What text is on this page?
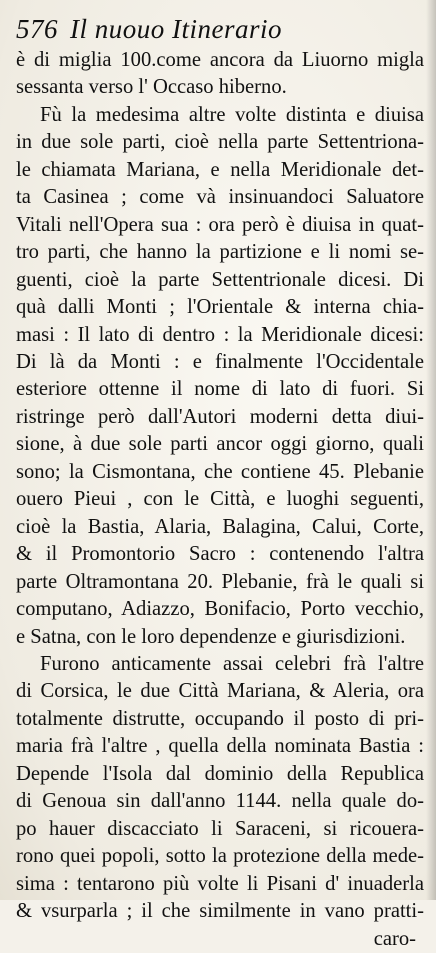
576 Il nuouo Itinerario
è di miglia 100.come ancora da Liuorno migla
sessanta verso l' Occaso hiberno.
Fù la medesima altre volte distinta e diuisa
in due sole parti, cioè nella parte Settentriona-
le chiamata Mariana, e nella Meridionale det-
ta Casinea ; come và insinuandoci Saluatore
Vitali nell'Opera sua : ora però è diuisa in quat-
tro parti, che hanno la partizione e li nomi se-
guenti, cioè la parte Settentrionale dicesi. Di
quà dalli Monti ; l'Orientale & interna chia-
masi : Il lato di dentro : la Meridionale dicesi:
Di là da Monti : e finalmente l'Occidentale
esteriore ottenne il nome di lato di fuori. Si
ristringe però dall'Autori moderni detta diui-
sione, à due sole parti ancor oggi giorno, quali
sono; la Cismontana, che contiene 45. Plebanie
ouero Pieui , con le Città, e luoghi seguenti,
cioè la Bastia, Alaria, Balagina, Calui, Corte,
& il Promontorio Sacro : contenendo l'altra
parte Oltramontana 20. Plebanie, frà le quali si
computano, Adiazzo, Bonifacio, Porto vecchio,
e Satna, con le loro dependenze e giurisdizioni.
Furono anticamente assai celebri frà l'altre
di Corsica, le due Città Mariana, & Aleria, ora
totalmente distrutte, occupando il posto di pri-
maria frà l'altre , quella della nominata Bastia :
Depende l'Isola dal dominio della Republica
di Genoua sin dall'anno 1144. nella quale do-
po hauer discacciato li Saraceni, si ricouera-
rono quei popoli, sotto la protezione della mede-
sima : tentarono più volte li Pisani d' inuaderla
& vsurparla ; il che similmente in vano pratti-
caro-
